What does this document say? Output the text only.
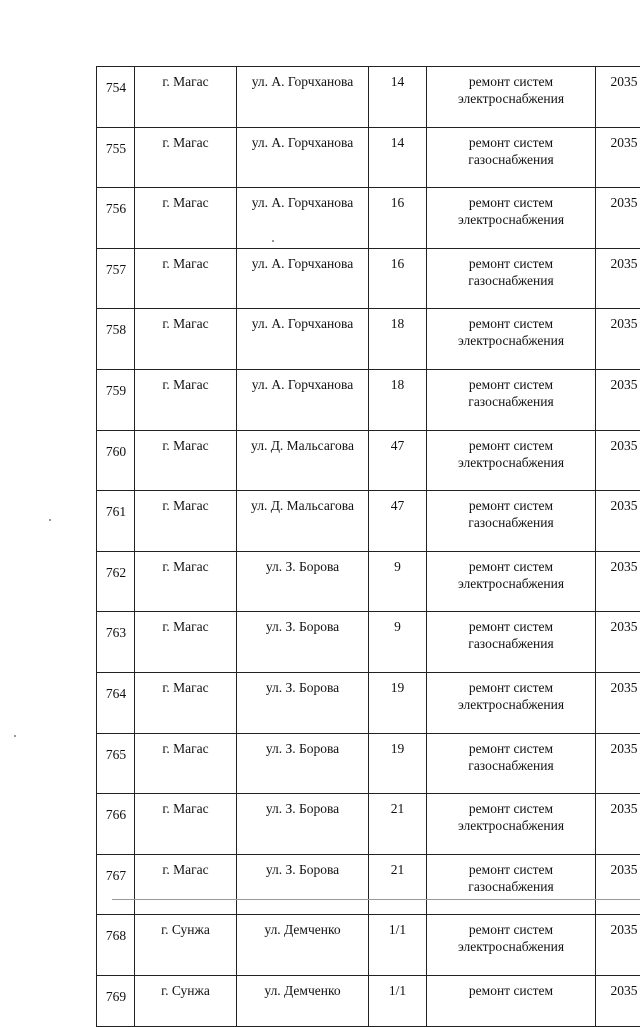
754	г. Магас	ул. А. Горчханова	14	ремонт систем электроснабжения	2035
755	г. Магас	ул. А. Горчханова	14	ремонт систем газоснабжения	2035
756	г. Магас	ул. А. Горчханова	16	ремонт систем электроснабжения	2035
757	г. Магас	ул. А. Горчханова	16	ремонт систем газоснабжения	2035
758	г. Магас	ул. А. Горчханова	18	ремонт систем электроснабжения	2035
759	г. Магас	ул. А. Горчханова	18	ремонт систем газоснабжения	2035
760	г. Магас	ул. Д. Мальсагова	47	ремонт систем электроснабжения	2035
761	г. Магас	ул. Д. Мальсагова	47	ремонт систем газоснабжения	2035
762	г. Магас	ул. З. Борова	9	ремонт систем электроснабжения	2035
763	г. Магас	ул. З. Борова	9	ремонт систем газоснабжения	2035
764	г. Магас	ул. З. Борова	19	ремонт систем электроснабжения	2035
765	г. Магас	ул. З. Борова	19	ремонт систем газоснабжения	2035
766	г. Магас	ул. З. Борова	21	ремонт систем электроснабжения	2035
767	г. Магас	ул. З. Борова	21	ремонт систем газоснабжения	2035
768	г. Сунжа	ул. Демченко	1/1	ремонт систем электроснабжения	2035
769	г. Сунжа	ул. Демченко	1/1	ремонт систем	2035
